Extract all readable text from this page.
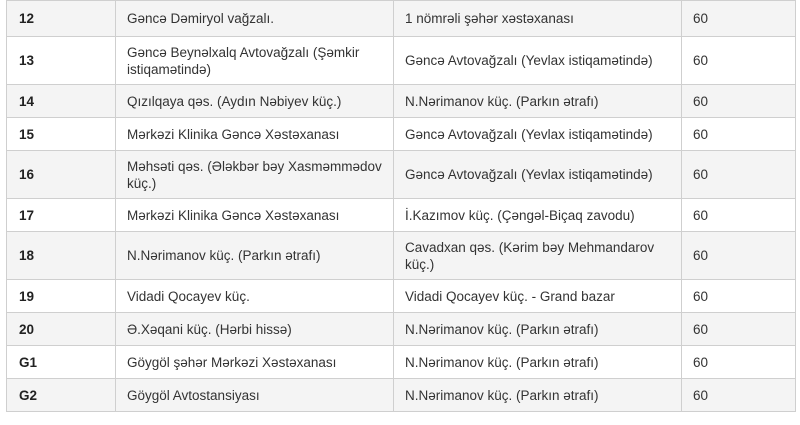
12	Gəncə Dəmiryol vağzalı.	1 nömrəli şəhər xəstəxanası	60
13	Gəncə Beynəlxalq Avtovağzalı (Şəmkir istiqamətində)	Gəncə Avtovağzalı (Yevlax istiqamətində)	60
14	Qızılqaya qəs. (Aydın Nəbiyev küç.)	N.Nərimanov küç. (Parkın ətrafı)	60
15	Mərkəzi Klinika Gəncə Xəstəxanası	Gəncə Avtovağzalı (Yevlax istiqamətində)	60
16	Məhsəti qəs. (Ələkbər bəy Xasməmmədov küç.)	Gəncə Avtovağzalı (Yevlax istiqamətində)	60
17	Mərkəzi Klinika Gəncə Xəstəxanası	İ.Kazımov küç. (Çəngəl-Biçaq zavodu)	60
18	N.Nərimanov küç. (Parkın ətrafı)	Cavadxan qəs. (Kərim bəy Mehmandarov küç.)	60
19	Vidadi Qocayev küç.	Vidadi Qocayev küç. - Grand bazar	60
20	Ə.Xəqani küç. (Hərbi hissə)	N.Nərimanov küç. (Parkın ətrafı)	60
G1	Göygöl şəhər Mərkəzi Xəstəxanası	N.Nərimanov küç. (Parkın ətrafı)	60
G2	Göygöl Avtostansiyası	N.Nərimanov küç. (Parkın ətrafı)	60
